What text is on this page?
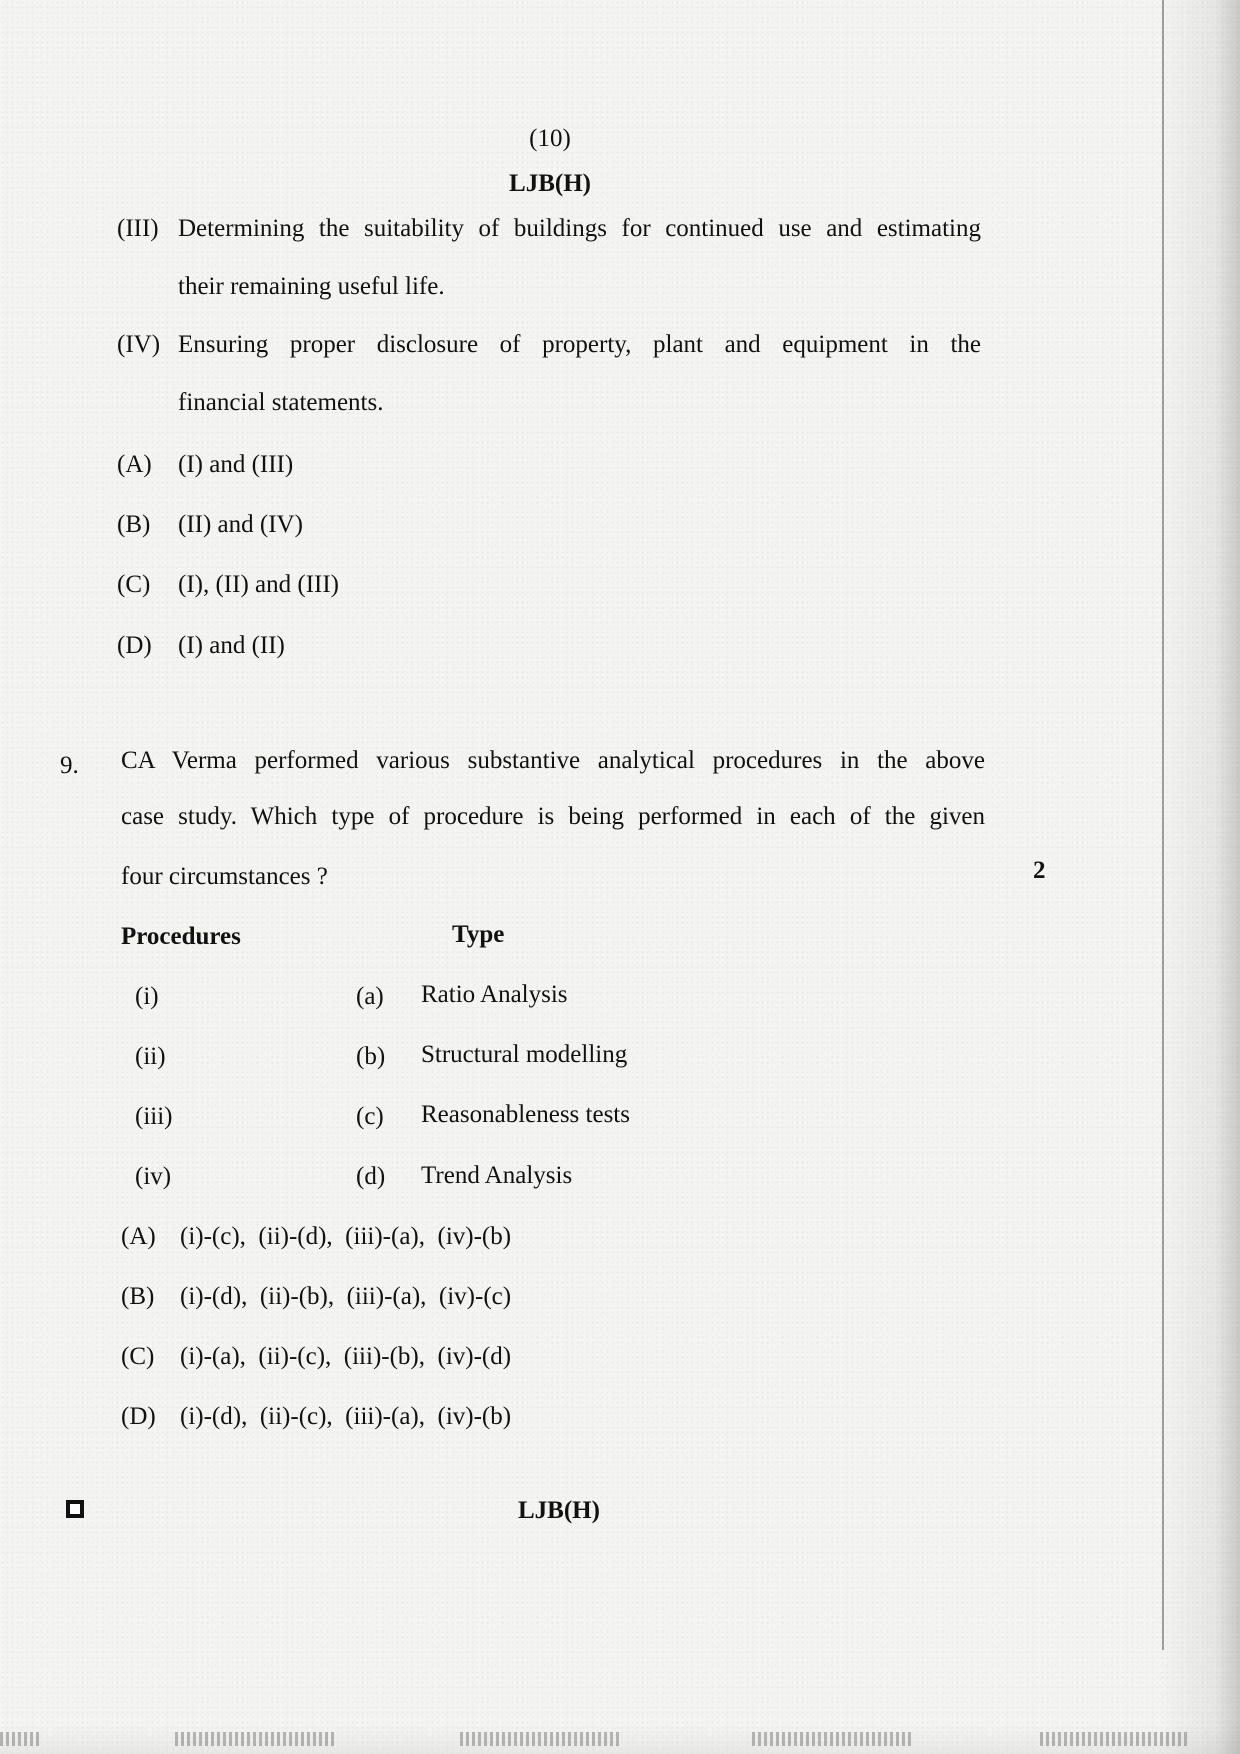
(10)
LJB(H)
(III) Determining the suitability of buildings for continued use and estimating
their remaining useful life.
(IV) Ensuring proper disclosure of property, plant and equipment in the
financial statements.
(A) (I) and (III)
(B) (II) and (IV)
(C) (I), (II) and (III)
(D) (I) and (II)
9. CA Verma performed various substantive analytical procedures in the above
case study. Which type of procedure is being performed in each of the given
four circumstances ?	2
Procedures	Type
(i)	(a) Ratio Analysis
(ii)	(b) Structural modelling
(iii)	(c) Reasonableness tests
(iv)	(d) Trend Analysis
(A) (i)-(c),  (ii)-(d),  (iii)-(a),  (iv)-(b)
(B) (i)-(d),  (ii)-(b),  (iii)-(a),  (iv)-(c)
(C) (i)-(a),  (ii)-(c),  (iii)-(b),  (iv)-(d)
(D) (i)-(d),  (ii)-(c),  (iii)-(a),  (iv)-(b)
LJB(H)
